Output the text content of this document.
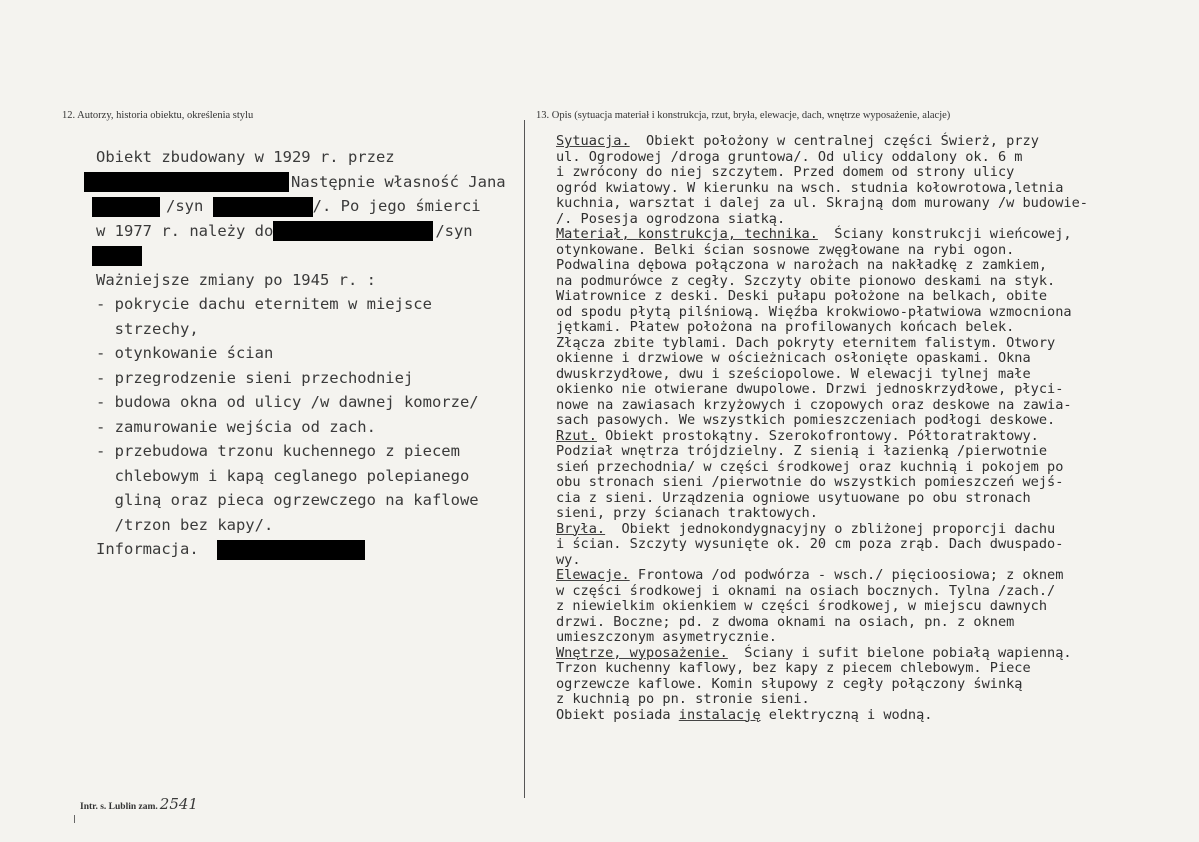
12. Autorzy, historia obiektu, określenia stylu	13. Opis (sytuacja materiał i konstrukcja, rzut, bryła, elewacje, dach, wnętrze wyposażenie, alacje)
Obiekt zbudowany w 1929 r. przez
Następnie własność Jana
/syn	/. Po jego śmierci
w 1977 r. należy do	/syn
Ważniejsze zmiany po 1945 r. :
- pokrycie dachu eternitem w miejsce
strzechy,
- otynkowanie ścian
- przegrodzenie sieni przechodniej
- budowa okna od ulicy /w dawnej komorze/
- zamurowanie wejścia od zach.
- przebudowa trzonu kuchennego z piecem
chlebowym i kapą ceglanego polepianego
gliną oraz pieca ogrzewczego na kaflowe
/trzon bez kapy/.
Informacja.
Sytuacja.  Obiekt położony w centralnej części Świerż, przy
ul. Ogrodowej /droga gruntowa/. Od ulicy oddalony ok. 6 m
i zwrócony do niej szczytem. Przed domem od strony ulicy
ogród kwiatowy. W kierunku na wsch. studnia kołowrotowa,letnia
kuchnia, warsztat i dalej za ul. Skrajną dom murowany /w budowie-
/. Posesja ogrodzona siatką.
Materiał, konstrukcja, technika.  Ściany konstrukcji wieńcowej,
otynkowane. Belki ścian sosnowe zwęgłowane na rybi ogon.
Podwalina dębowa połączona w narożach na nakładkę z zamkiem,
na podmurówce z cegły. Szczyty obite pionowo deskami na styk.
Wiatrownice z deski. Deski pułapu położone na belkach, obite
od spodu płytą pilśniową. Więźba krokwiowo-płatwiowa wzmocniona
jętkami. Płatew położona na profilowanych końcach belek.
Złącza zbite tyblami. Dach pokryty eternitem falistym. Otwory
okienne i drzwiowe w ościeżnicach osłonięte opaskami. Okna
dwuskrzydłowe, dwu i sześciopolowe. W elewacji tylnej małe
okienko nie otwierane dwupolowe. Drzwi jednoskrzydłowe, płyci-
nowe na zawiasach krzyżowych i czopowych oraz deskowe na zawia-
sach pasowych. We wszystkich pomieszczeniach podłogi deskowe.
Rzut. Obiekt prostokątny. Szerokofrontowy. Półtoratraktowy.
Podział wnętrza trójdzielny. Z sienią i łazienką /pierwotnie
sień przechodnia/ w części środkowej oraz kuchnią i pokojem po
obu stronach sieni /pierwotnie do wszystkich pomieszczeń wejś-
cia z sieni. Urządzenia ogniowe usytuowane po obu stronach
sieni, przy ścianach traktowych.
Bryła.  Obiekt jednokondygnacyjny o zbliżonej proporcji dachu
i ścian. Szczyty wysunięte ok. 20 cm poza zrąb. Dach dwuspado-
wy.
Elewacje. Frontowa /od podwórza - wsch./ pięcioosiowa; z oknem
w części środkowej i oknami na osiach bocznych. Tylna /zach./
z niewielkim okienkiem w części środkowej, w miejscu dawnych
drzwi. Boczne; pd. z dwoma oknami na osiach, pn. z oknem
umieszczonym asymetrycznie.
Wnętrze, wyposażenie.  Ściany i sufit bielone pobiałą wapienną.
Trzon kuchenny kaflowy, bez kapy z piecem chlebowym. Piece
ogrzewcze kaflowe. Komin słupowy z cegły połączony świnką
z kuchnią po pn. stronie sieni.
Obiekt posiada instalację elektryczną i wodną.
Intr. s. Lublin zam. 2541
